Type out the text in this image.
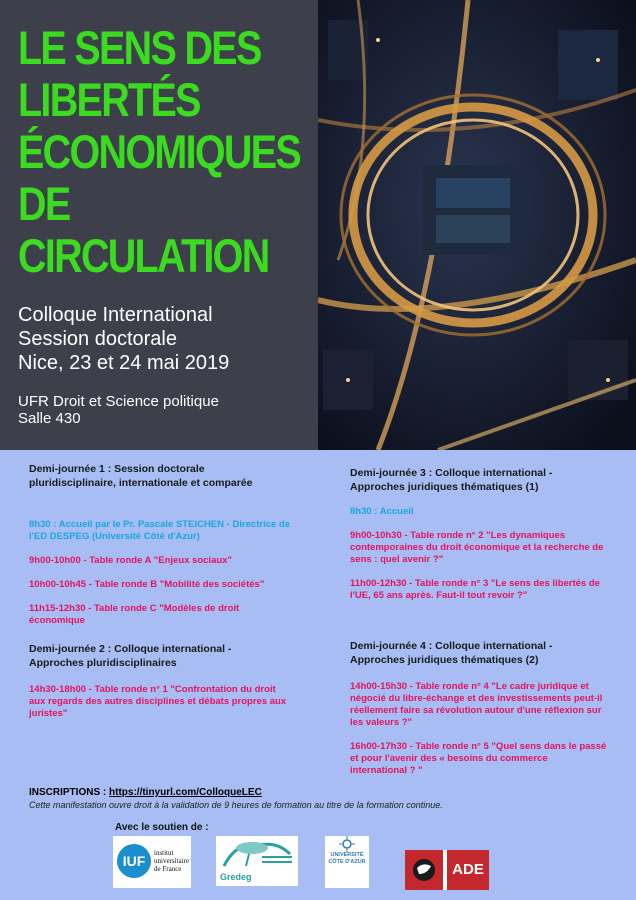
LE SENS DES
LIBERTÉS
ÉCONOMIQUES
DE
CIRCULATION
Colloque International
Session doctorale
Nice, 23 et 24 mai 2019
UFR Droit et Science politique
Salle 430
Demi-journée 1 : Session doctorale
pluridisciplinaire, internationale et comparée
8h30 : Accueil par le Pr. Pascale STEICHEN - Directrice de
l'ED DESPEG (Université Côté d'Azur)
9h00-10h00 - Table ronde A "Enjeux sociaux"
10h00-10h45 - Table ronde B "Mobilité des sociétés"
11h15-12h30 - Table ronde C "Modèles de droit
économique
Demi-journée 2 : Colloque international -
Approches pluridisciplinaires
14h30-18h00 - Table ronde n° 1 "Confrontation du droit
aux regards des autres disciplines et débats propres aux
juristes"
Demi-journée 3 : Colloque international -
Approches juridiques thématiques (1)
8h30 : Accueil
9h00-10h30 - Table ronde n° 2 "Les dynamiques
contemporaines du droit économique et la recherche de
sens : quel avenir ?"
11h00-12h30 - Table ronde n° 3 "Le sens des libertés de
l'UE, 65 ans après. Faut-il tout revoir ?"
Demi-journée 4 : Colloque international -
Approches juridiques thématiques (2)
14h00-15h30 - Table ronde n° 4 "Le cadre juridique et
négocié du libre-échange et des investissements peut-il
réellement faire sa révolution autour d'une réflexion sur
les valeurs ?"
16h00-17h30 - Table ronde n° 5 "Quel sens dans le passé
et pour l'avenir des « besoins du commerce
international ? "
INSCRIPTIONS : https://tinyurl.com/ColloqueLEC
Cette manifestation ouvre droit à la validation de 9 heures de formation au titre de la formation continue.
Avec le soutien de :
IUF	institut
universitaire
de France
Gredeg
UNIVERSITÉ
CÔTE D'AZUR	ADE
